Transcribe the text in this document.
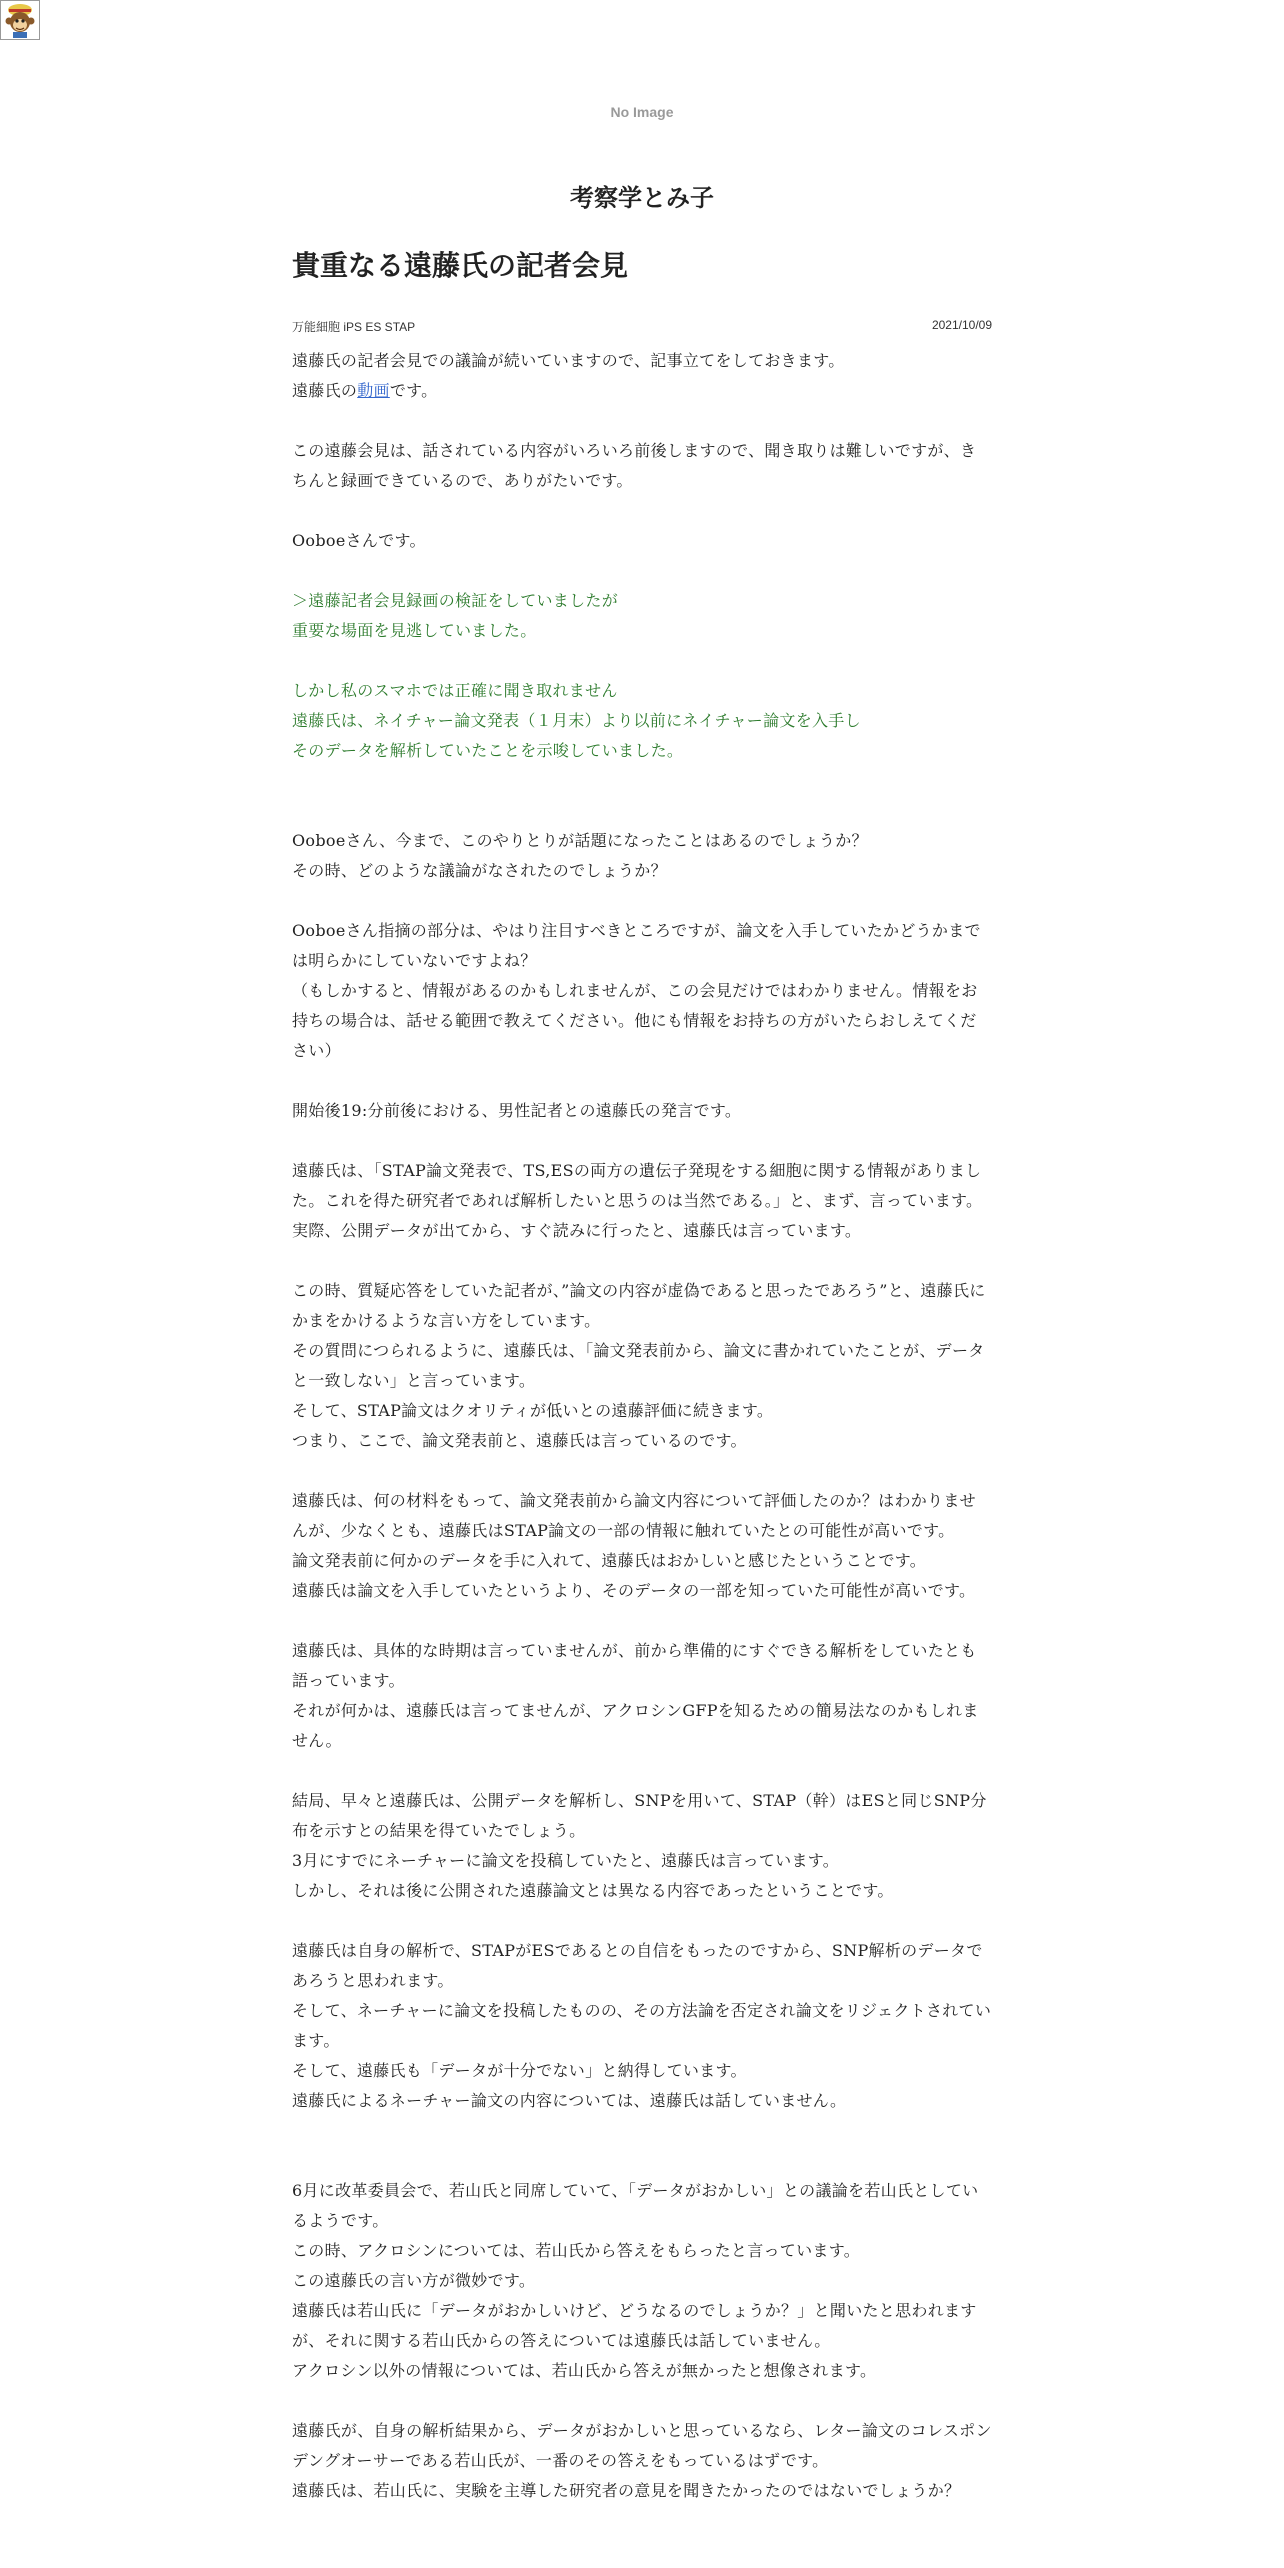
No Image
考察学とみ子
貴重なる遠藤氏の記者会見
万能細胞 iPS ES STAP	2021/10/09
遠藤氏の記者会見での議論が続いていますので、記事立てをしておきます。
遠藤氏の動画です。
この遠藤会見は、話されている内容がいろいろ前後しますので、聞き取りは難しいですが、きちんと録画できているので、ありがたいです。
Ooboeさんです。
＞遠藤記者会見録画の検証をしていましたが
重要な場面を見逃していました。
しかし私のスマホでは正確に聞き取れません
遠藤氏は、ネイチャー論文発表（１月末）より以前にネイチャー論文を入手し
そのデータを解析していたことを示唆していました。
Ooboeさん、今まで、このやりとりが話題になったことはあるのでしょうか？
その時、どのような議論がなされたのでしょうか？
Ooboeさん指摘の部分は、やはり注目すべきところですが、論文を入手していたかどうかまでは明らかにしていないですよね？
（もしかすると、情報があるのかもしれませんが、この会見だけではわかりません。情報をお持ちの場合は、話せる範囲で教えてください。他にも情報をお持ちの方がいたらおしえてください）
開始後19:分前後における、男性記者との遠藤氏の発言です。
遠藤氏は、「STAP論文発表で、TS,ESの両方の遺伝子発現をする細胞に関する情報がありました。これを得た研究者であれば解析したいと思うのは当然である。」と、まず、言っています。
実際、公開データが出てから、すぐ読みに行ったと、遠藤氏は言っています。
この時、質疑応答をしていた記者が、”論文の内容が虚偽であると思ったであろう”と、遠藤氏にかまをかけるような言い方をしています。
その質問につられるように、遠藤氏は、「論文発表前から、論文に書かれていたことが、データと一致しない」と言っています。
そして、STAP論文はクオリティが低いとの遠藤評価に続きます。
つまり、ここで、論文発表前と、遠藤氏は言っているのです。
遠藤氏は、何の材料をもって、論文発表前から論文内容について評価したのか？はわかりませんが、少なくとも、遠藤氏はSTAP論文の一部の情報に触れていたとの可能性が高いです。
論文発表前に何かのデータを手に入れて、遠藤氏はおかしいと感じたということです。
遠藤氏は論文を入手していたというより、そのデータの一部を知っていた可能性が高いです。
遠藤氏は、具体的な時期は言っていませんが、前から準備的にすぐできる解析をしていたとも語っています。
それが何かは、遠藤氏は言ってませんが、アクロシンGFPを知るための簡易法なのかもしれません。
結局、早々と遠藤氏は、公開データを解析し、SNPを用いて、STAP（幹）はESと同じSNP分布を示すとの結果を得ていたでしょう。
3月にすでにネーチャーに論文を投稿していたと、遠藤氏は言っています。
しかし、それは後に公開された遠藤論文とは異なる内容であったということです。
遠藤氏は自身の解析で、STAPがESであるとの自信をもったのですから、SNP解析のデータであろうと思われます。
そして、ネーチャーに論文を投稿したものの、その方法論を否定され論文をリジェクトされています。
そして、遠藤氏も「データが十分でない」と納得しています。
遠藤氏によるネーチャー論文の内容については、遠藤氏は話していません。
6月に改革委員会で、若山氏と同席していて、「データがおかしい」との議論を若山氏としているようです。
この時、アクロシンについては、若山氏から答えをもらったと言っています。
この遠藤氏の言い方が微妙です。
遠藤氏は若山氏に「データがおかしいけど、どうなるのでしょうか？」と聞いたと思われますが、それに関する若山氏からの答えについては遠藤氏は話していません。
アクロシン以外の情報については、若山氏から答えが無かったと想像されます。
遠藤氏が、自身の解析結果から、データがおかしいと思っているなら、レター論文のコレスポンデングオーサーである若山氏が、一番のその答えをもっているはずです。
遠藤氏は、若山氏に、実験を主導した研究者の意見を聞きたかったのではないでしょうか？
